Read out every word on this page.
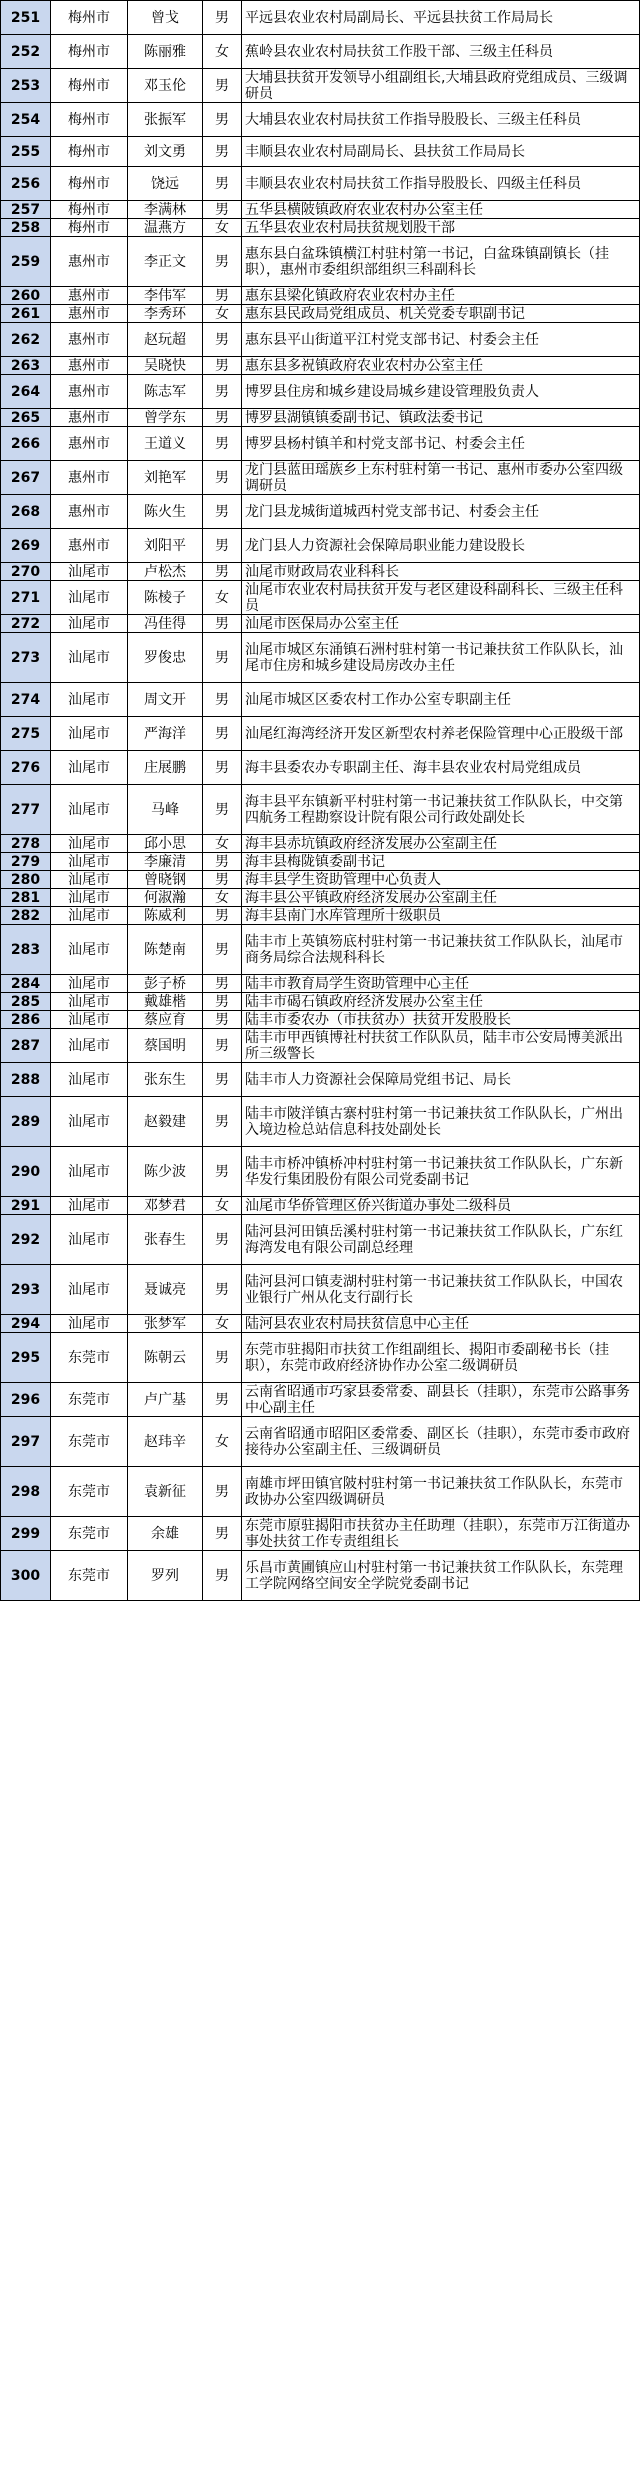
251	梅州市	曾戈	男	平远县农业农村局副局长、平远县扶贫工作局局长
252	梅州市	陈丽雅	女	蕉岭县农业农村局扶贫工作股干部、三级主任科员
253	梅州市	邓玉伦	男	大埔县扶贫开发领导小组副组长,大埔县政府党组成员、三级调研员
254	梅州市	张振军	男	大埔县农业农村局扶贫工作指导股股长、三级主任科员
255	梅州市	刘文勇	男	丰顺县农业农村局副局长、县扶贫工作局局长
256	梅州市	饶远	男	丰顺县农业农村局扶贫工作指导股股长、四级主任科员
257	梅州市	李满林	男	五华县横陂镇政府农业农村办公室主任
258	梅州市	温燕方	女	五华县农业农村局扶贫规划股干部
259	惠州市	李正文	男	惠东县白盆珠镇横江村驻村第一书记，白盆珠镇副镇长（挂职），惠州市委组织部组织三科副科长
260	惠州市	李伟军	男	惠东县梁化镇政府农业农村办主任
261	惠州市	李秀环	女	惠东县民政局党组成员、机关党委专职副书记
262	惠州市	赵玩超	男	惠东县平山街道平江村党支部书记、村委会主任
263	惠州市	吴晓快	男	惠东县多祝镇政府农业农村办公室主任
264	惠州市	陈志军	男	博罗县住房和城乡建设局城乡建设管理股负责人
265	惠州市	曾学东	男	博罗县湖镇镇委副书记、镇政法委书记
266	惠州市	王道义	男	博罗县杨村镇羊和村党支部书记、村委会主任
267	惠州市	刘艳军	男	龙门县蓝田瑶族乡上东村驻村第一书记、惠州市委办公室四级调研员
268	惠州市	陈火生	男	龙门县龙城街道城西村党支部书记、村委会主任
269	惠州市	刘阳平	男	龙门县人力资源社会保障局职业能力建设股长
270	汕尾市	卢松杰	男	汕尾市财政局农业科科长
271	汕尾市	陈棱子	女	汕尾市农业农村局扶贫开发与老区建设科副科长、三级主任科员
272	汕尾市	冯佳得	男	汕尾市医保局办公室主任
273	汕尾市	罗俊忠	男	汕尾市城区东涌镇石洲村驻村第一书记兼扶贫工作队队长，汕尾市住房和城乡建设局房改办主任
274	汕尾市	周文开	男	汕尾市城区区委农村工作办公室专职副主任
275	汕尾市	严海洋	男	汕尾红海湾经济开发区新型农村养老保险管理中心正股级干部
276	汕尾市	庄展鹏	男	海丰县委农办专职副主任、海丰县农业农村局党组成员
277	汕尾市	马峰	男	海丰县平东镇新平村驻村第一书记兼扶贫工作队队长，中交第四航务工程勘察设计院有限公司行政处副处长
278	汕尾市	邱小思	女	海丰县赤坑镇政府经济发展办公室副主任
279	汕尾市	李廉清	男	海丰县梅陇镇委副书记
280	汕尾市	曾晓钢	男	海丰县学生资助管理中心负责人
281	汕尾市	何淑瀚	女	海丰县公平镇政府经济发展办公室副主任
282	汕尾市	陈威利	男	海丰县南门水库管理所十级职员
283	汕尾市	陈楚南	男	陆丰市上英镇笏底村驻村第一书记兼扶贫工作队队长，汕尾市商务局综合法规科科长
284	汕尾市	彭子桥	男	陆丰市教育局学生资助管理中心主任
285	汕尾市	戴雄楷	男	陆丰市碣石镇政府经济发展办公室主任
286	汕尾市	蔡应育	男	陆丰市委农办（市扶贫办）扶贫开发股股长
287	汕尾市	蔡国明	男	陆丰市甲西镇博社村扶贫工作队队员，陆丰市公安局博美派出所三级警长
288	汕尾市	张东生	男	陆丰市人力资源社会保障局党组书记、局长
289	汕尾市	赵毅建	男	陆丰市陂洋镇古寨村驻村第一书记兼扶贫工作队队长，广州出入境边检总站信息科技处副处长
290	汕尾市	陈少波	男	陆丰市桥冲镇桥冲村驻村第一书记兼扶贫工作队队长，广东新华发行集团股份有限公司党委副书记
291	汕尾市	邓梦君	女	汕尾市华侨管理区侨兴街道办事处二级科员
292	汕尾市	张春生	男	陆河县河田镇岳溪村驻村第一书记兼扶贫工作队队长，广东红海湾发电有限公司副总经理
293	汕尾市	聂诚亮	男	陆河县河口镇麦湖村驻村第一书记兼扶贫工作队队长，中国农业银行广州从化支行副行长
294	汕尾市	张梦军	女	陆河县农业农村局扶贫信息中心主任
295	东莞市	陈朝云	男	东莞市驻揭阳市扶贫工作组副组长、揭阳市委副秘书长（挂职），东莞市政府经济协作办公室二级调研员
296	东莞市	卢广基	男	云南省昭通市巧家县委常委、副县长（挂职），东莞市公路事务中心副主任
297	东莞市	赵玮辛	女	云南省昭通市昭阳区委常委、副区长（挂职），东莞市委市政府接待办公室副主任、三级调研员
298	东莞市	袁新征	男	南雄市坪田镇官陂村驻村第一书记兼扶贫工作队队长，东莞市政协办公室四级调研员
299	东莞市	余雄	男	东莞市原驻揭阳市扶贫办主任助理（挂职），东莞市万江街道办事处扶贫工作专责组组长
300	东莞市	罗列	男	乐昌市黄圃镇应山村驻村第一书记兼扶贫工作队队长，东莞理工学院网络空间安全学院党委副书记
